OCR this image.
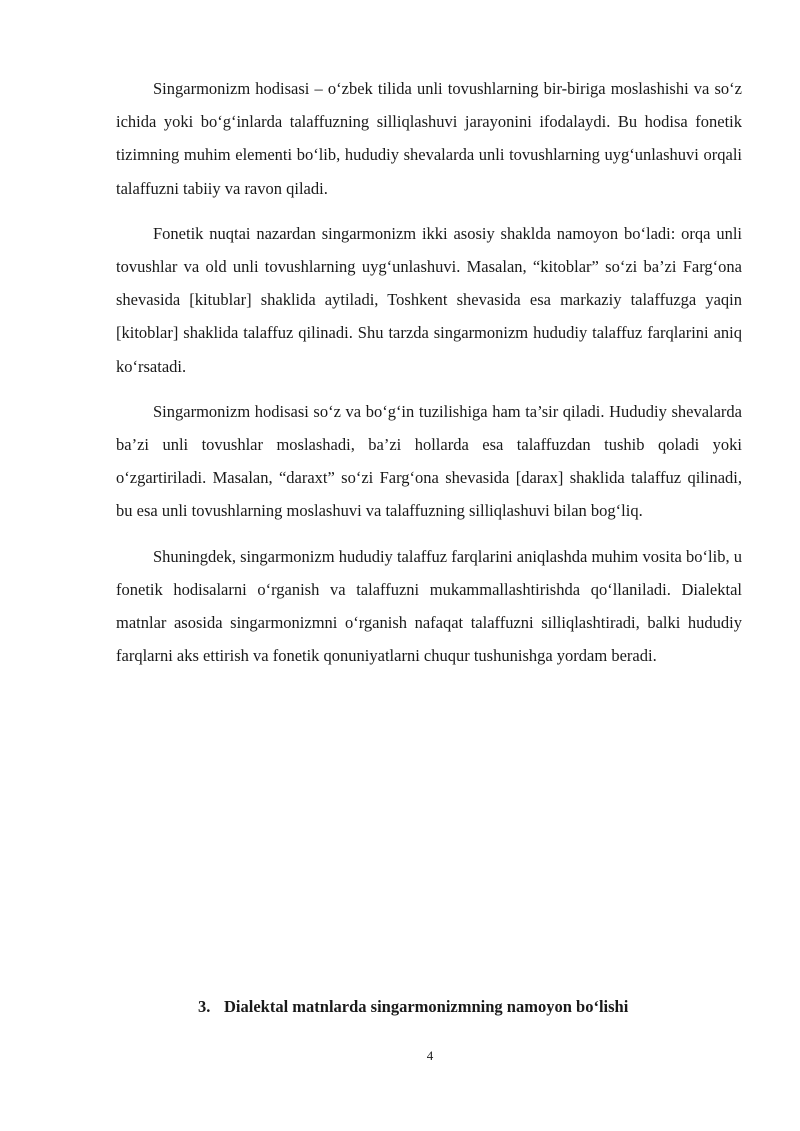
Singarmonizm hodisasi – o‘zbek tilida unli tovushlarning bir-biriga moslashishi va so‘z ichida yoki bo‘g‘inlarda talaffuzning silliqlashuvi jarayonini ifodalaydi. Bu hodisa fonetik tizimning muhim elementi bo‘lib, hududiy shevalarda unli tovushlarning uyg‘unlashuvi orqali talaffuzni tabiiy va ravon qiladi.

Fonetik nuqtai nazardan singarmonizm ikki asosiy shaklda namoyon bo‘ladi: orqa unli tovushlar va old unli tovushlarning uyg‘unlashuvi. Masalan, “kitoblar” so‘zi ba’zi Farg‘ona shevasida [kitublar] shaklida aytiladi, Toshkent shevasida esa markaziy talaffuzga yaqin [kitoblar] shaklida talaffuz qilinadi. Shu tarzda singarmonizm hududiy talaffuz farqlarini aniq ko‘rsatadi.

Singarmonizm hodisasi so‘z va bo‘g‘in tuzilishiga ham ta’sir qiladi. Hududiy shevalarda ba’zi unli tovushlar moslashadi, ba’zi hollarda esa talaffuzdan tushib qoladi yoki o‘zgartiriladi. Masalan, “daraxt” so‘zi Farg‘ona shevasida [darax] shaklida talaffuz qilinadi, bu esa unli tovushlarning moslashuvi va talaffuzning silliqlashuvi bilan bog‘liq.

Shuningdek, singarmonizm hududiy talaffuz farqlarini aniqlashda muhim vosita bo‘lib, u fonetik hodisalarni o‘rganish va talaffuzni mukammallashtirishda qo‘llaniladi. Dialektal matnlar asosida singarmonizmni o‘rganish nafaqat talaffuzni silliqlashtiradi, balki hududiy farqlarni aks ettirish va fonetik qonuniyatlarni chuqur tushunishga yordam beradi.

3. Dialektal matnlarda singarmonizmning namoyon bo‘lishi
4
